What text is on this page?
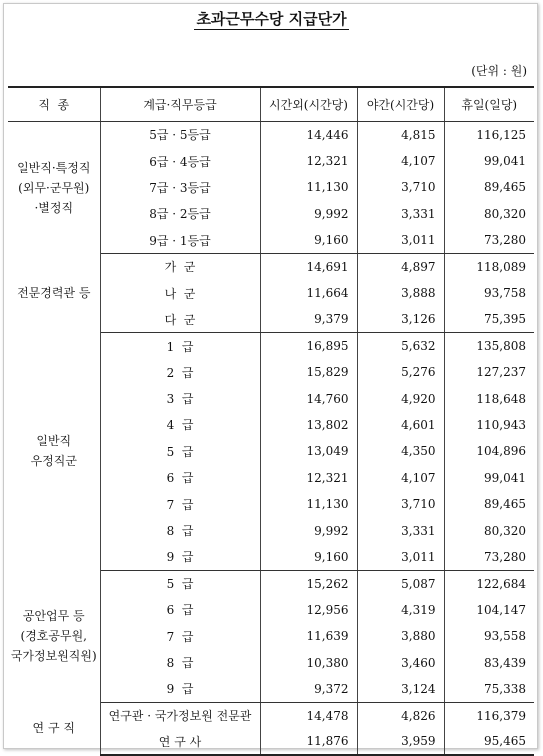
초과근무수당 지급단가
(단위 : 원)
직  종	계급·직무등급	시간외(시간당)	야간(시간당)	휴일(일당)
일반직·특정직
(외무·군무원)
·별정직	5급 · 5등급	14,446	4,815	116,125
	6급 · 4등급	12,321	4,107	99,041
	7급 · 3등급	11,130	3,710	89,465
	8급 · 2등급	9,992	3,331	80,320
	9급 · 1등급	9,160	3,011	73,280
전문경력관 등	가  군	14,691	4,897	118,089
	나  군	11,664	3,888	93,758
	다  군	9,379	3,126	75,395
일반직
우정직군	1  급	16,895	5,632	135,808
	2  급	15,829	5,276	127,237
	3  급	14,760	4,920	118,648
	4  급	13,802	4,601	110,943
	5  급	13,049	4,350	104,896
	6  급	12,321	4,107	99,041
	7  급	11,130	3,710	89,465
	8  급	9,992	3,331	80,320
	9  급	9,160	3,011	73,280
공안업무 등
(경호공무원,
국가정보원직원)	5  급	15,262	5,087	122,684
	6  급	12,956	4,319	104,147
	7  급	11,639	3,880	93,558
	8  급	10,380	3,460	83,439
	9  급	9,372	3,124	75,338
연 구 직	연구관 · 국가정보원 전문관	14,478	4,826	116,379
	연 구 사	11,876	3,959	95,465
